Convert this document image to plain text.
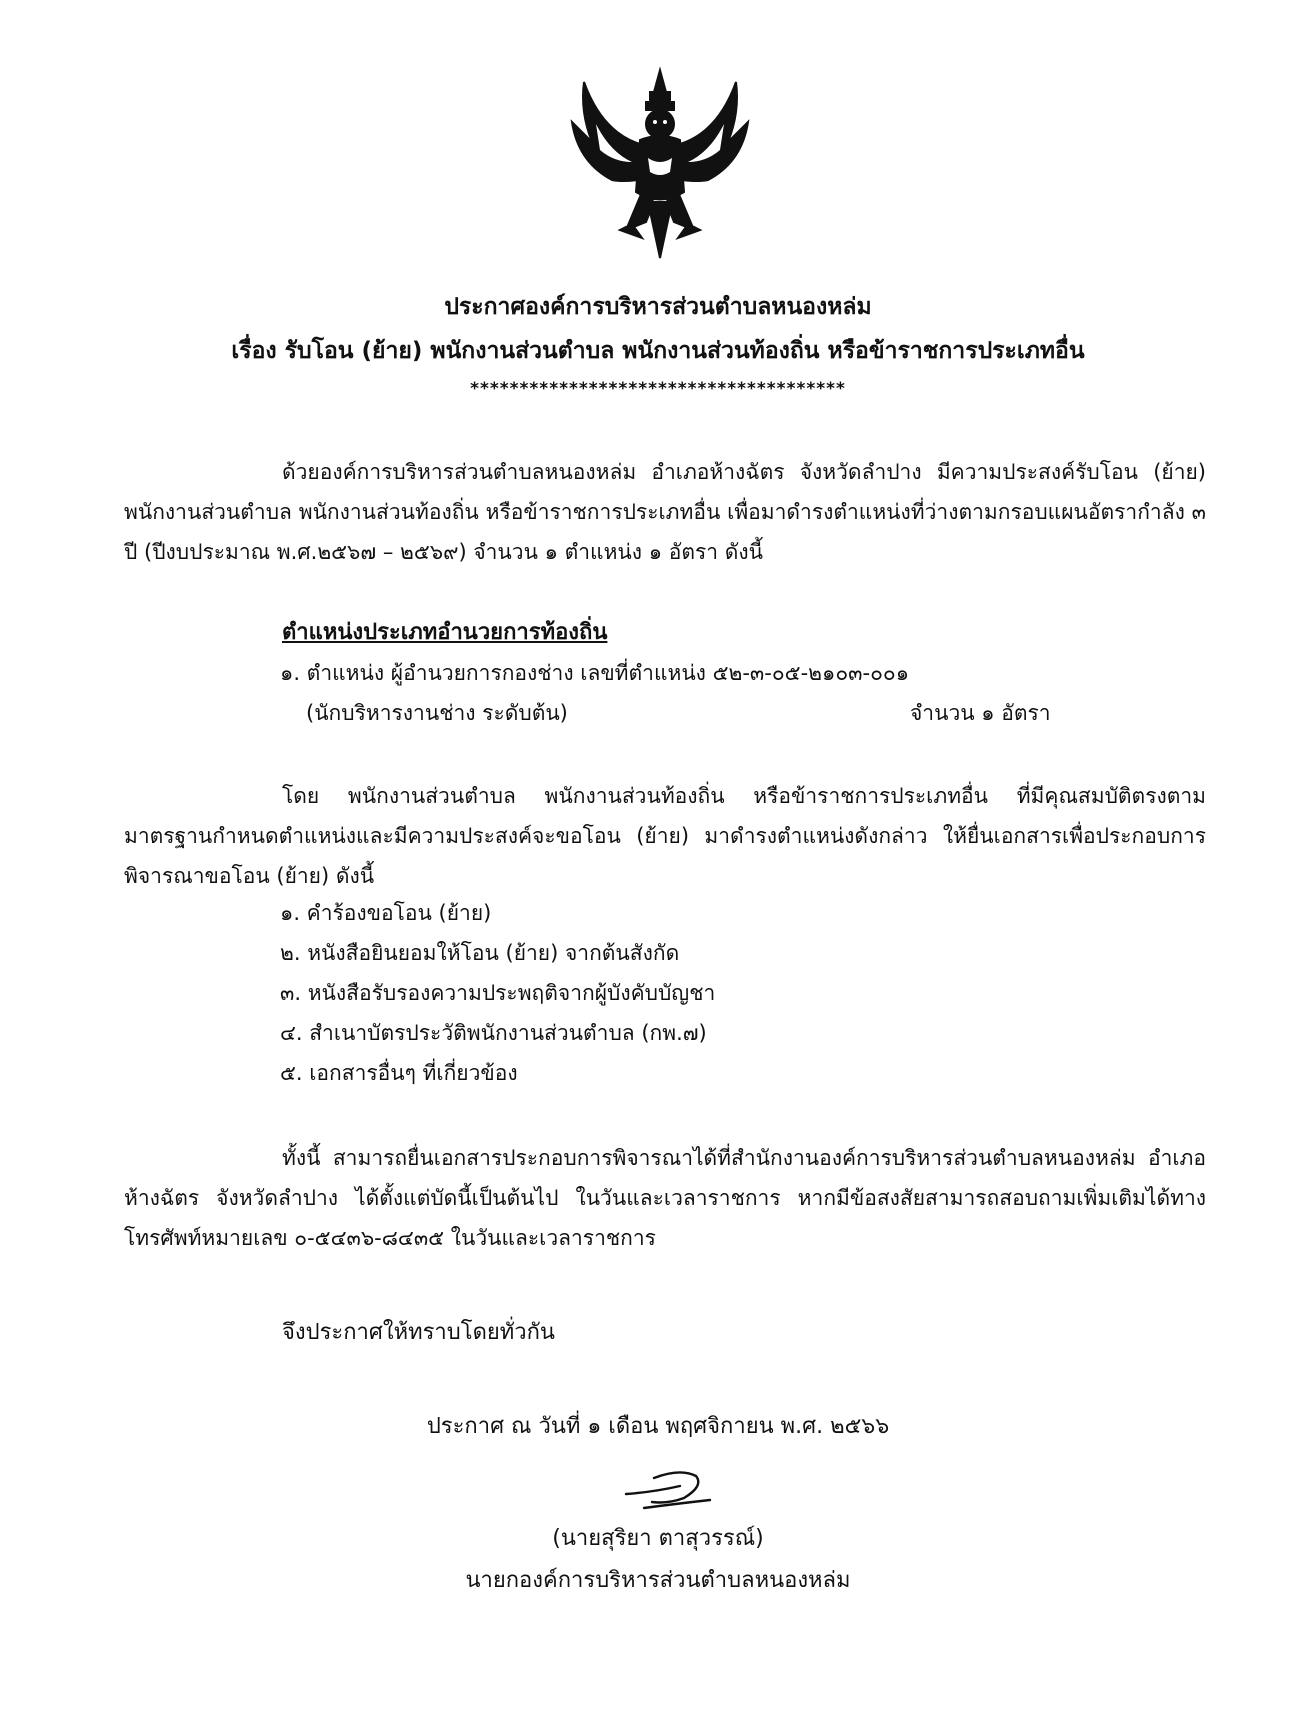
ประกาศองค์การบริหารส่วนตำบลหนองหล่ม
เรื่อง รับโอน (ย้าย) พนักงานส่วนตำบล พนักงานส่วนท้องถิ่น หรือข้าราชการประเภทอื่น
**************************************
ด้วยองค์การบริหารส่วนตำบลหนองหล่ม อำเภอห้างฉัตร จังหวัดลำปาง มีความประสงค์รับโอน (ย้าย) พนักงานส่วนตำบล พนักงานส่วนท้องถิ่น หรือข้าราชการประเภทอื่น เพื่อมาดำรงตำแหน่งที่ว่างตามกรอบแผนอัตรากำลัง ๓ ปี (ปีงบประมาณ พ.ศ.๒๕๖๗ – ๒๕๖๙) จำนวน ๑ ตำแหน่ง ๑ อัตรา ดังนี้
ตำแหน่งประเภทอำนวยการท้องถิ่น
๑. ตำแหน่ง ผู้อำนวยการกองช่าง เลขที่ตำแหน่ง ๕๒-๓-๐๕-๒๑๐๓-๐๐๑
(นักบริหารงานช่าง ระดับต้น)	จำนวน ๑ อัตรา
โดย พนักงานส่วนตำบล พนักงานส่วนท้องถิ่น หรือข้าราชการประเภทอื่น ที่มีคุณสมบัติตรงตามมาตรฐานกำหนดตำแหน่งและมีความประสงค์จะขอโอน (ย้าย) มาดำรงตำแหน่งดังกล่าว ให้ยื่นเอกสารเพื่อประกอบการพิจารณาขอโอน (ย้าย) ดังนี้
๑. คำร้องขอโอน (ย้าย)
๒. หนังสือยินยอมให้โอน (ย้าย) จากต้นสังกัด
๓. หนังสือรับรองความประพฤติจากผู้บังคับบัญชา
๔. สำเนาบัตรประวัติพนักงานส่วนตำบล (กพ.๗)
๕. เอกสารอื่นๆ ที่เกี่ยวข้อง
ทั้งนี้ สามารถยื่นเอกสารประกอบการพิจารณาได้ที่สำนักงานองค์การบริหารส่วนตำบลหนองหล่ม อำเภอห้างฉัตร จังหวัดลำปาง ได้ตั้งแต่บัดนี้เป็นต้นไป ในวันและเวลาราชการ หากมีข้อสงสัยสามารถสอบถามเพิ่มเติมได้ทางโทรศัพท์หมายเลข ๐-๕๔๓๖-๘๔๓๕ ในวันและเวลาราชการ
จึงประกาศให้ทราบโดยทั่วกัน
ประกาศ ณ วันที่ ๑ เดือน พฤศจิกายน พ.ศ. ๒๕๖๖
(นายสุริยา ตาสุวรรณ์)
นายกองค์การบริหารส่วนตำบลหนองหล่ม
